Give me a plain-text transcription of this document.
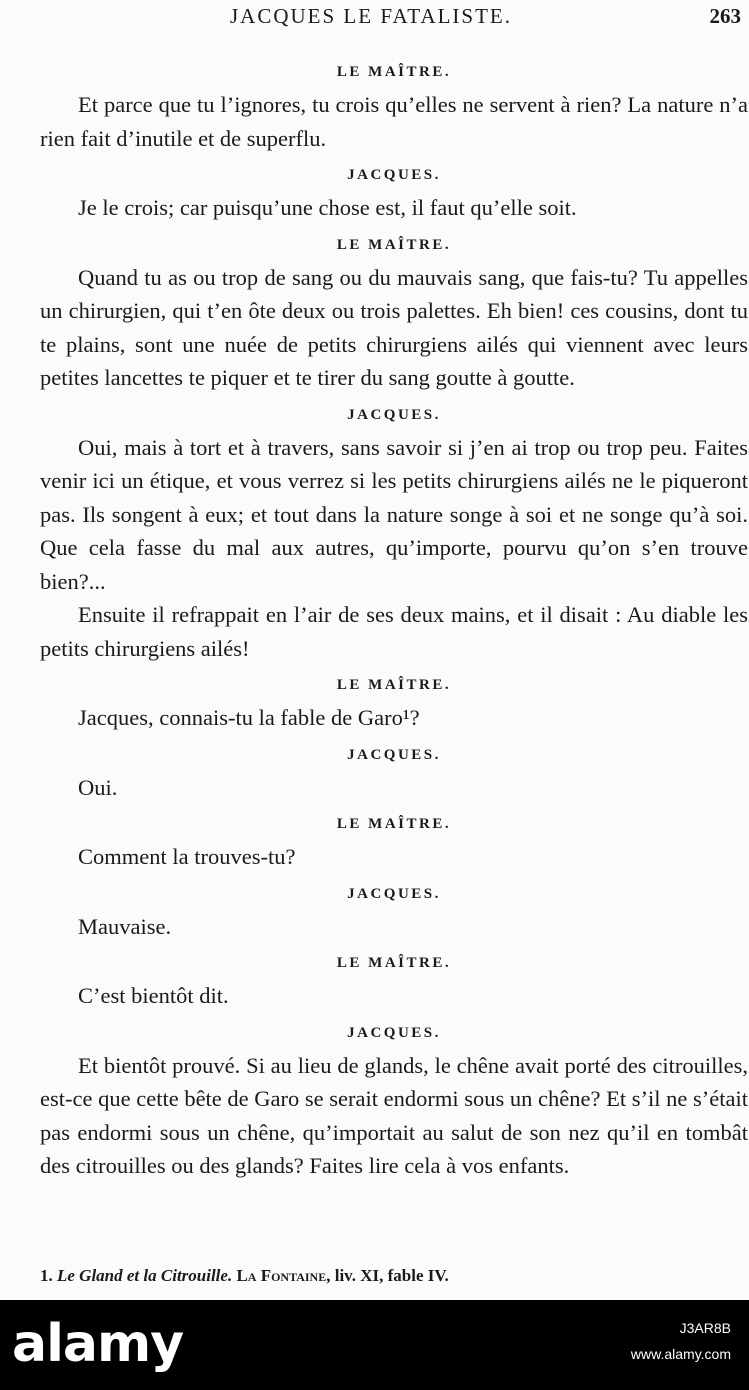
JACQUES LE FATALISTE.	263
LE MAÎTRE.
Et parce que tu l’ignores, tu crois qu’elles ne servent à rien? La nature n’a rien fait d’inutile et de superflu.
JACQUES.
Je le crois; car puisqu’une chose est, il faut qu’elle soit.
LE MAÎTRE.
Quand tu as ou trop de sang ou du mauvais sang, que fais-tu? Tu appelles un chirurgien, qui t’en ôte deux ou trois palettes. Eh bien! ces cousins, dont tu te plains, sont une nuée de petits chirurgiens ailés qui viennent avec leurs petites lancettes te piquer et te tirer du sang goutte à goutte.
JACQUES.
Oui, mais à tort et à travers, sans savoir si j’en ai trop ou trop peu. Faites venir ici un étique, et vous verrez si les petits chirurgiens ailés ne le piqueront pas. Ils songent à eux; et tout dans la nature songe à soi et ne songe qu’à soi. Que cela fasse du mal aux autres, qu’importe, pourvu qu’on s’en trouve bien?...
Ensuite il refrappait en l’air de ses deux mains, et il disait : Au diable les petits chirurgiens ailés!
LE MAÎTRE.
Jacques, connais-tu la fable de Garo¹?
JACQUES.
Oui.
LE MAÎTRE.
Comment la trouves-tu?
JACQUES.
Mauvaise.
LE MAÎTRE.
C’est bientôt dit.
JACQUES.
Et bientôt prouvé. Si au lieu de glands, le chêne avait porté des citrouilles, est-ce que cette bête de Garo se serait endormi sous un chêne? Et s’il ne s’était pas endormi sous un chêne, qu’importait au salut de son nez qu’il en tombât des citrouilles ou des glands? Faites lire cela à vos enfants.
1. Le Gland et la Citrouille. La Fontaine, liv. XI, fable IV.
alamy	J3AR8B
www.alamy.com
